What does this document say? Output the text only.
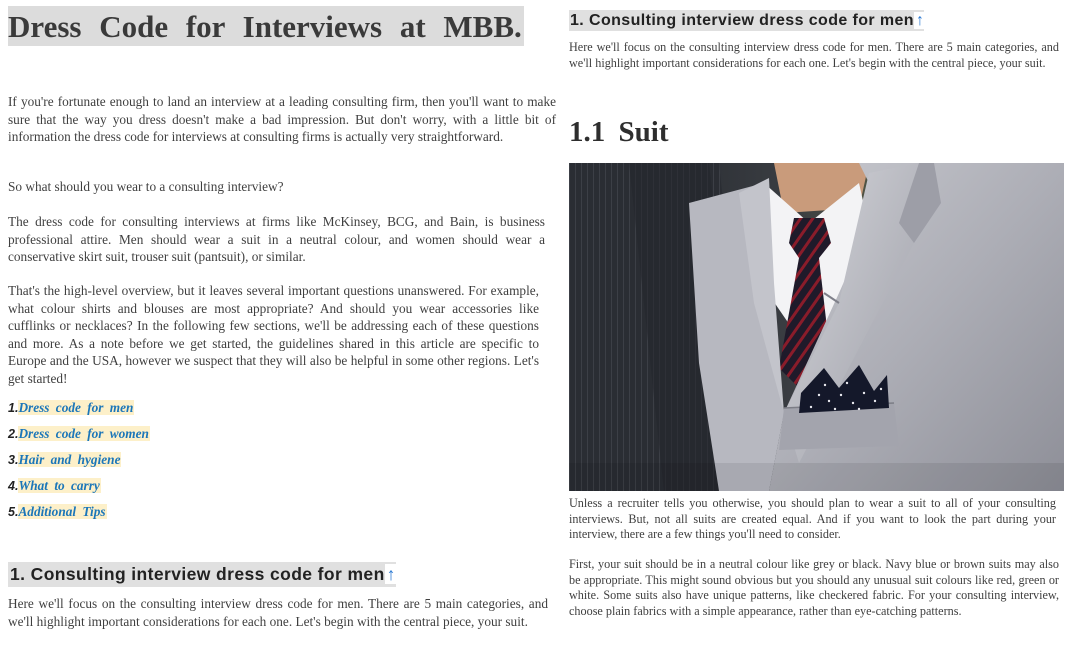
Dress Code for Interviews at MBB.

If you're fortunate enough to land an interview at a leading consulting firm, then you'll want to make sure that the way you dress doesn't make a bad impression. But don't worry, with a little bit of information the dress code for interviews at consulting firms is actually very straightforward.

So what should you wear to a consulting interview?

The dress code for consulting interviews at firms like McKinsey, BCG, and Bain, is business professional attire. Men should wear a suit in a neutral colour, and women should wear a conservative skirt suit, trouser suit (pantsuit), or similar.

That's the high-level overview, but it leaves several important questions unanswered. For example, what colour shirts and blouses are most appropriate? And should you wear accessories like cufflinks or necklaces? In the following few sections, we'll be addressing each of these questions and more. As a note before we get started, the guidelines shared in this article are specific to Europe and the USA, however we suspect that they will also be helpful in some other regions. Let's get started!

1.Dress code for men
2.Dress code for women
3.Hair and hygiene
4.What to carry
5.Additional Tips
1. Consulting interview dress code for men ↑

Here we'll focus on the consulting interview dress code for men. There are 5 main categories, and we'll highlight important considerations for each one. Let's begin with the central piece, your suit.

1. Consulting interview dress code for men ↑

Here we'll focus on the consulting interview dress code for men. There are 5 main categories, and we'll highlight important considerations for each one. Let's begin with the central piece, your suit.

1.1 Suit

Unless a recruiter tells you otherwise, you should plan to wear a suit to all of your consulting interviews. But, not all suits are created equal. And if you want to look the part during your interview, there are a few things you'll need to consider.

First, your suit should be in a neutral colour like grey or black. Navy blue or brown suits may also be appropriate. This might sound obvious but you should any unusual suit colours like red, green or white. Some suits also have unique patterns, like checkered fabric. For your consulting interview, choose plain fabrics with a simple appearance, rather than eye-catching patterns.
